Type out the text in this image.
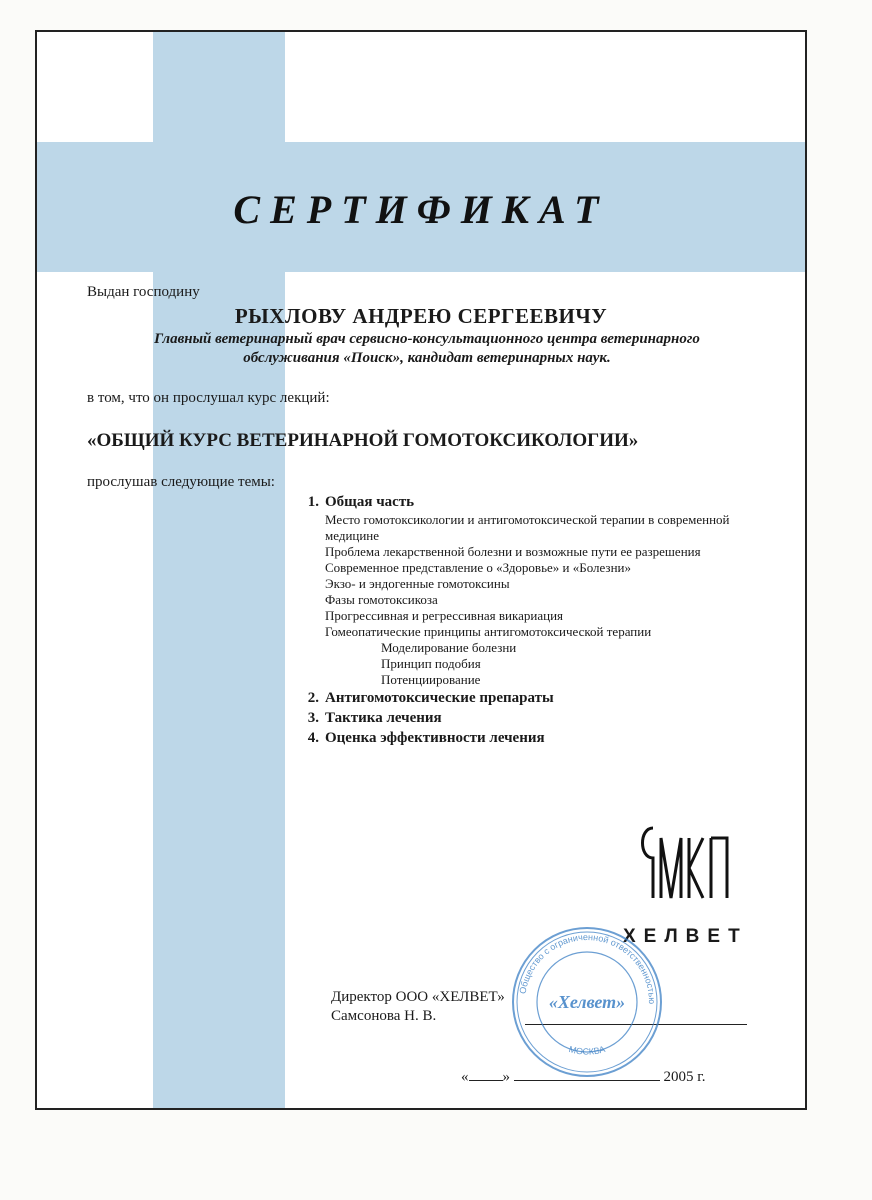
СЕРТИФИКАТ
Выдан господину
РЫХЛОВУ АНДРЕЮ СЕРГЕЕВИЧУ
Главный ветеринарный врач сервисно-консультационного центра ветеринарного
обслуживания «Поиск», кандидат ветеринарных наук.
в том, что он прослушал курс лекций:
«ОБЩИЙ КУРС ВЕТЕРИНАРНОЙ ГОМОТОКСИКОЛОГИИ»
прослушав следующие темы:
1. Общая часть
Место гомотоксикологии и антигомотоксической терапии в современной
медицине
Проблема лекарственной болезни и возможные пути ее разрешения
Современное представление о «Здоровье» и «Болезни»
Экзо- и эндогенные гомотоксины
Фазы гомотоксикоза
Прогрессивная и регрессивная викариация
Гомеопатические принципы антигомотоксической терапии
Моделирование болезни
Принцип подобия
Потенциирование
2. Антигомотоксические препараты
3. Тактика лечения
4. Оценка эффективности лечения
ХЕЛВЕТ
Директор ООО «ХЕЛВЕТ»
Самсонова Н. В.
Общество с ограниченной ответственностью
МОСКВА
«Хелвет»
« »	2005 г.
